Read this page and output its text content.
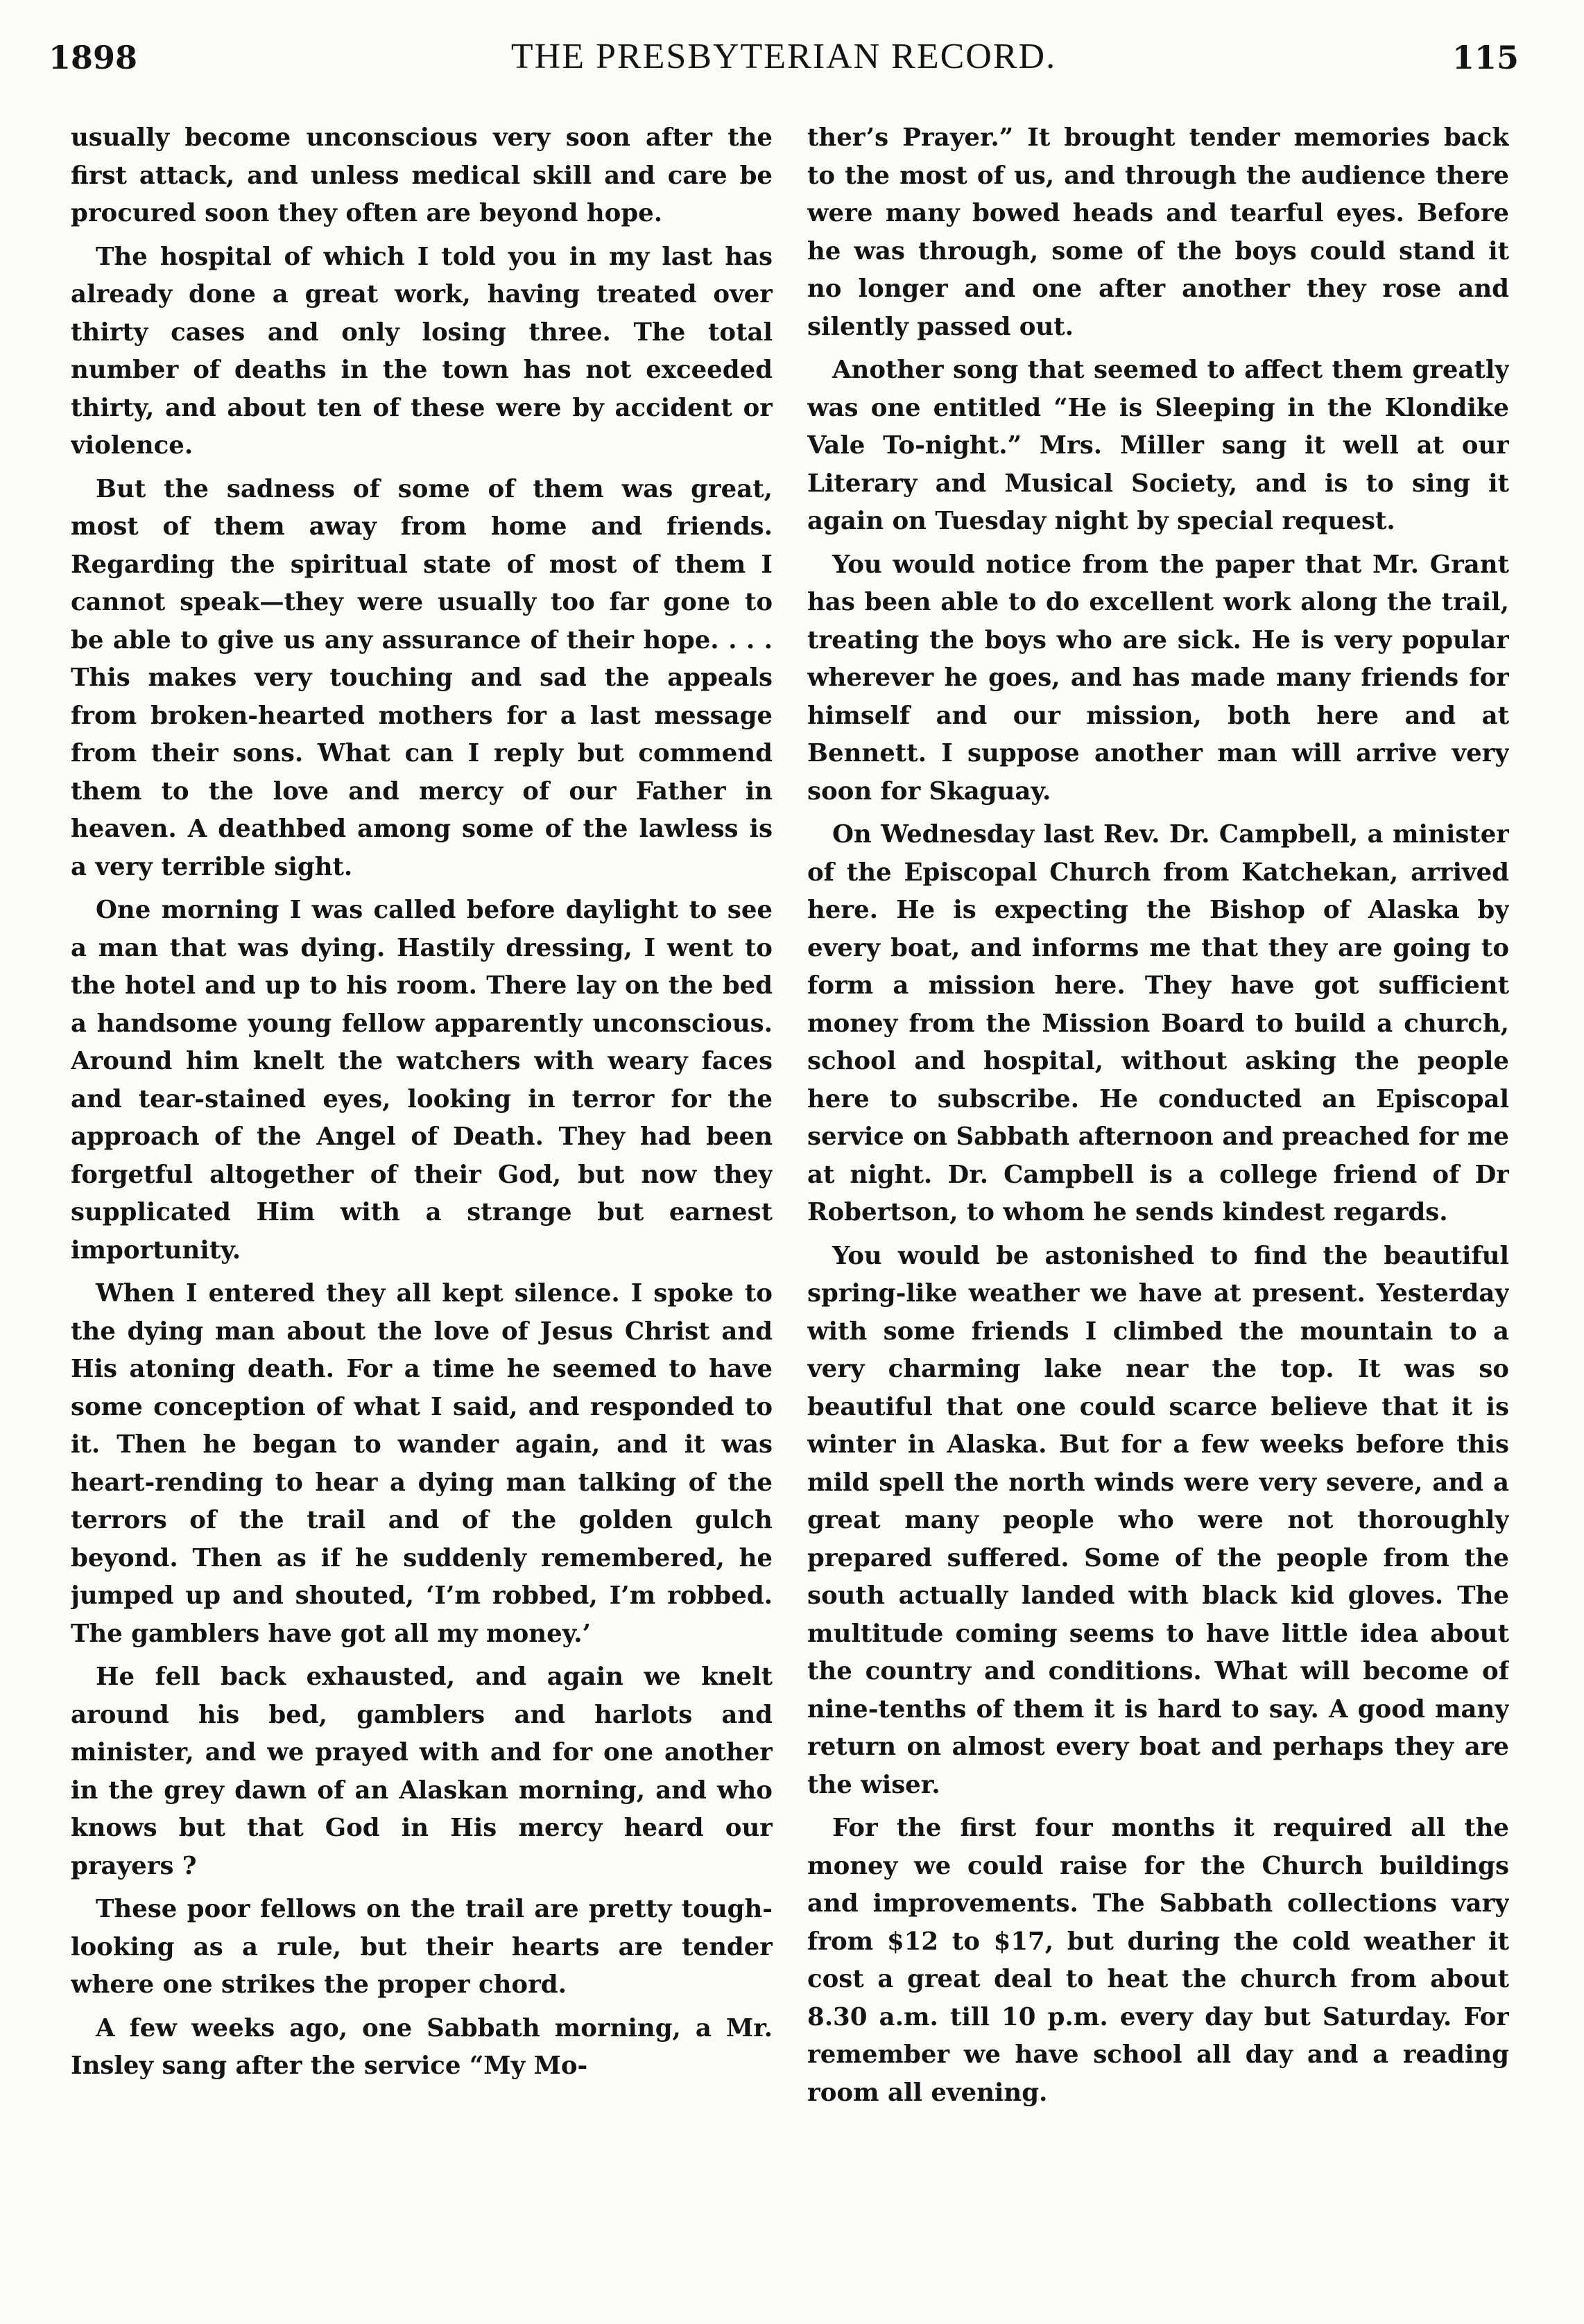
1898	THE PRESBYTERIAN RECORD.	115

usually become unconscious very soon after the first attack, and unless medical skill and care be procured soon they often are beyond hope.

The hospital of which I told you in my last has already done a great work, having treated over thirty cases and only losing three. The total number of deaths in the town has not exceeded thirty, and about ten of these were by accident or violence.

But the sadness of some of them was great, most of them away from home and friends. Regarding the spiritual state of most of them I cannot speak—they were usually too far gone to be able to give us any assurance of their hope. . . . This makes very touching and sad the appeals from broken-hearted mothers for a last message from their sons. What can I reply but commend them to the love and mercy of our Father in heaven. A deathbed among some of the lawless is a very terrible sight.

One morning I was called before daylight to see a man that was dying. Hastily dressing, I went to the hotel and up to his room. There lay on the bed a handsome young fellow apparently unconscious. Around him knelt the watchers with weary faces and tear-stained eyes, looking in terror for the approach of the Angel of Death. They had been forgetful altogether of their God, but now they supplicated Him with a strange but earnest importunity.

When I entered they all kept silence. I spoke to the dying man about the love of Jesus Christ and His atoning death. For a time he seemed to have some conception of what I said, and responded to it. Then he began to wander again, and it was heart-rending to hear a dying man talking of the terrors of the trail and of the golden gulch beyond. Then as if he suddenly remembered, he jumped up and shouted, ‘I’m robbed, I’m robbed. The gamblers have got all my money.’

He fell back exhausted, and again we knelt around his bed, gamblers and harlots and minister, and we prayed with and for one another in the grey dawn of an Alaskan morning, and who knows but that God in His mercy heard our prayers ?

These poor fellows on the trail are pretty tough-looking as a rule, but their hearts are tender where one strikes the proper chord.

A few weeks ago, one Sabbath morning, a Mr. Insley sang after the service “My Mo-

ther’s Prayer.” It brought tender memories back to the most of us, and through the audience there were many bowed heads and tearful eyes. Before he was through, some of the boys could stand it no longer and one after another they rose and silently passed out.

Another song that seemed to affect them greatly was one entitled “He is Sleeping in the Klondike Vale To-night.” Mrs. Miller sang it well at our Literary and Musical Society, and is to sing it again on Tuesday night by special request.

You would notice from the paper that Mr. Grant has been able to do excellent work along the trail, treating the boys who are sick. He is very popular wherever he goes, and has made many friends for himself and our mission, both here and at Bennett. I suppose another man will arrive very soon for Skaguay.

On Wednesday last Rev. Dr. Campbell, a minister of the Episcopal Church from Katchekan, arrived here. He is expecting the Bishop of Alaska by every boat, and informs me that they are going to form a mission here. They have got sufficient money from the Mission Board to build a church, school and hospital, without asking the people here to subscribe. He conducted an Episcopal service on Sabbath afternoon and preached for me at night. Dr. Campbell is a college friend of Dr Robertson, to whom he sends kindest regards.

You would be astonished to find the beautiful spring-like weather we have at present. Yesterday with some friends I climbed the mountain to a very charming lake near the top. It was so beautiful that one could scarce believe that it is winter in Alaska. But for a few weeks before this mild spell the north winds were very severe, and a great many people who were not thoroughly prepared suffered. Some of the people from the south actually landed with black kid gloves. The multitude coming seems to have little idea about the country and conditions. What will become of nine-tenths of them it is hard to say. A good many return on almost every boat and perhaps they are the wiser.

For the first four months it required all the money we could raise for the Church buildings and improvements. The Sabbath collections vary from $12 to $17, but during the cold weather it cost a great deal to heat the church from about 8.30 a.m. till 10 p.m. every day but Saturday. For remember we have school all day and a reading room all evening.
